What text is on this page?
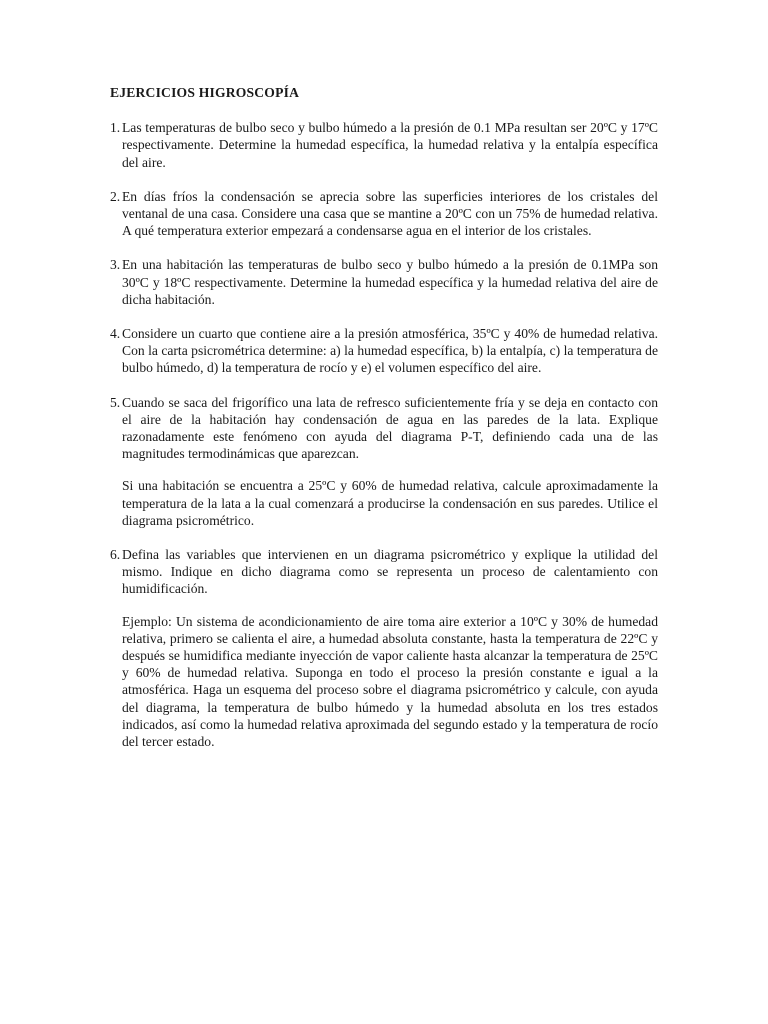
EJERCICIOS HIGROSCOPÍA
1. Las temperaturas de bulbo seco y bulbo húmedo a la presión de 0.1 MPa resultan ser 20ºC y 17ºC respectivamente. Determine la humedad específica, la humedad relativa y la entalpía específica del aire.

2. En días fríos la condensación se aprecia sobre las superficies interiores de los cristales del ventanal de una casa. Considere una casa que se mantine a 20ºC con un 75% de humedad relativa. A qué temperatura exterior empezará a condensarse agua en el interior de los cristales.

3. En una habitación las temperaturas de bulbo seco y bulbo húmedo a la presión de 0.1MPa son 30ºC y 18ºC respectivamente. Determine la humedad específica y la humedad relativa del aire de dicha habitación.

4. Considere un cuarto que contiene aire a la presión atmosférica, 35ºC y 40% de humedad relativa. Con la carta psicrométrica determine: a) la humedad específica, b) la entalpía, c) la temperatura de bulbo húmedo, d) la temperatura de rocío y e) el volumen específico del aire.

5. Cuando se saca del frigorífico una lata de refresco suficientemente fría y se deja en contacto con el aire de la habitación hay condensación de agua en las paredes de la lata. Explique razonadamente este fenómeno con ayuda del diagrama P-T, definiendo cada una de las magnitudes termodinámicas que aparezcan.

Si una habitación se encuentra a 25ºC y 60% de humedad relativa, calcule aproximadamente la temperatura de la lata a la cual comenzará a producirse la condensación en sus paredes. Utilice el diagrama psicrométrico.

6. Defina las variables que intervienen en un diagrama psicrométrico y explique la utilidad del mismo. Indique en dicho diagrama como se representa un proceso de calentamiento con humidificación.

Ejemplo: Un sistema de acondicionamiento de aire toma aire exterior a 10ºC y 30% de humedad relativa, primero se calienta el aire, a humedad absoluta constante, hasta la temperatura de 22ºC y después se humidifica mediante inyección de vapor caliente hasta alcanzar la temperatura de 25ºC y 60% de humedad relativa. Suponga en todo el proceso la presión constante e igual a la atmosférica. Haga un esquema del proceso sobre el diagrama psicrométrico y calcule, con ayuda del diagrama, la temperatura de bulbo húmedo y la humedad absoluta en los tres estados indicados, así como la humedad relativa aproximada del segundo estado y la temperatura de rocío del tercer estado.
